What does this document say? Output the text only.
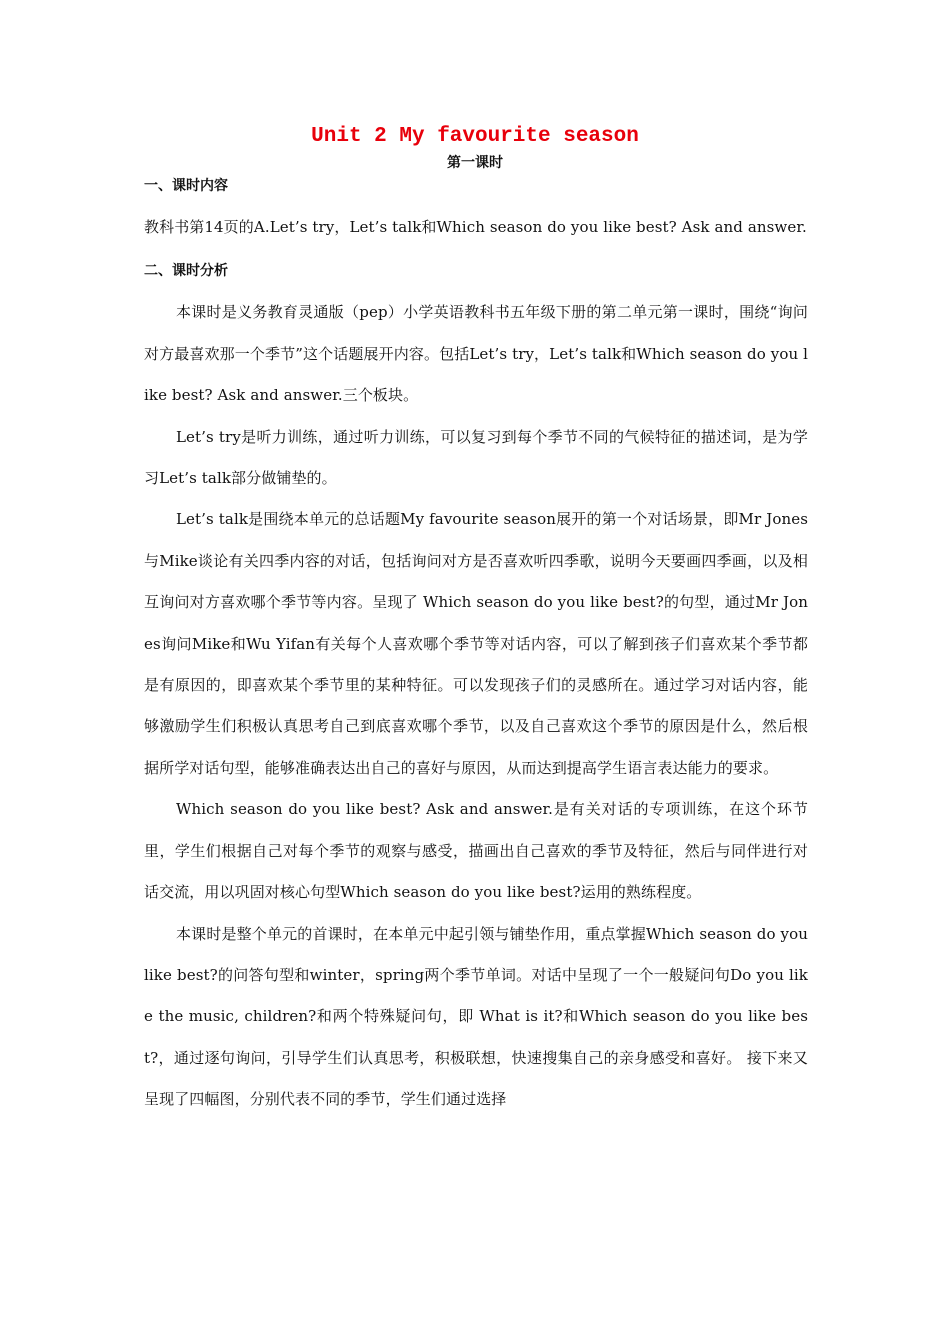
Unit 2 My favourite season
第一课时
一、课时内容

教科书第14页的A.Let’s try，Let’s talk和Which season do you like best? Ask and answer.

二、课时分析

本课时是义务教育灵通版（pep）小学英语教科书五年级下册的第二单元第一课时，围绕“询问对方最喜欢那一个季节”这个话题展开内容。包括Let’s try，Let’s talk和Which season do you like best? Ask and answer.三个板块。

Let’s try是听力训练，通过听力训练，可以复习到每个季节不同的气候特征的描述词，是为学习Let’s talk部分做铺垫的。

Let’s talk是围绕本单元的总话题My favourite season展开的第一个对话场景，即Mr Jones与Mike谈论有关四季内容的对话，包括询问对方是否喜欢听四季歌，说明今天要画四季画，以及相互询问对方喜欢哪个季节等内容。呈现了 Which season do you like best?的句型，通过Mr Jones询问Mike和Wu Yifan有关每个人喜欢哪个季节等对话内容，可以了解到孩子们喜欢某个季节都是有原因的，即喜欢某个季节里的某种特征。可以发现孩子们的灵感所在。通过学习对话内容，能够激励学生们积极认真思考自己到底喜欢哪个季节，以及自己喜欢这个季节的原因是什么，然后根据所学对话句型，能够准确表达出自己的喜好与原因，从而达到提高学生语言表达能力的要求。

Which season do you like best? Ask and answer.是有关对话的专项训练，在这个环节里，学生们根据自己对每个季节的观察与感受，描画出自己喜欢的季节及特征，然后与同伴进行对话交流，用以巩固对核心句型Which season do you like best?运用的熟练程度。

本课时是整个单元的首课时，在本单元中起引领与铺垫作用，重点掌握Which season do you like best?的问答句型和winter，spring两个季节单词。对话中呈现了一个一般疑问句Do you like the music, children?和两个特殊疑问句，即 What is it?和Which season do you like best?，通过逐句询问，引导学生们认真思考，积极联想，快速搜集自己的亲身感受和喜好。 接下来又呈现了四幅图，分别代表不同的季节，学生们通过选择
